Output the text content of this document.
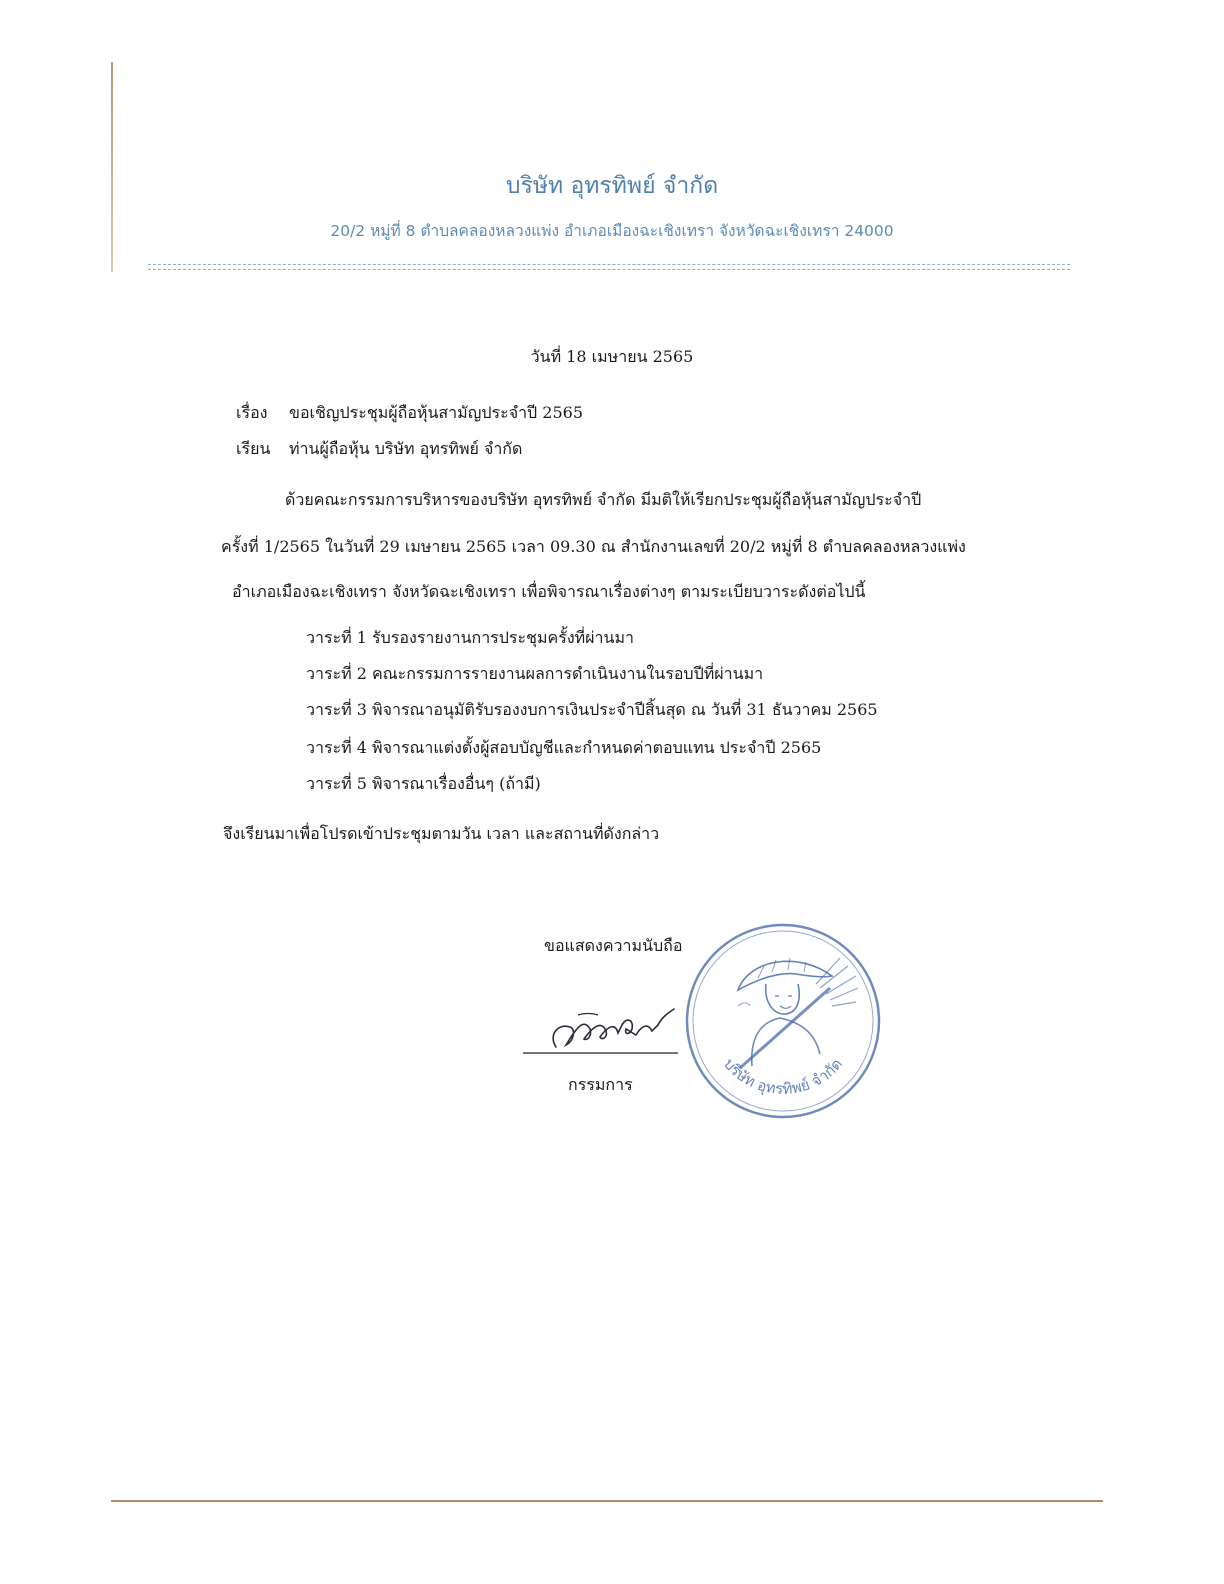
บริษัท อุทรทิพย์ จำกัด
20/2 หมู่ที่ 8 ตำบลคลองหลวงแพ่ง อำเภอเมืองฉะเชิงเทรา จังหวัดฉะเชิงเทรา 24000
วันที่ 18 เมษายน 2565
เรื่อง	ขอเชิญประชุมผู้ถือหุ้นสามัญประจำปี 2565
เรียน	ท่านผู้ถือหุ้น บริษัท อุทรทิพย์ จำกัด
ด้วยคณะกรรมการบริหารของบริษัท อุทรทิพย์ จำกัด มีมติให้เรียกประชุมผู้ถือหุ้นสามัญประจำปี
ครั้งที่ 1/2565 ในวันที่ 29 เมษายน 2565 เวลา 09.30 ณ สำนักงานเลขที่ 20/2 หมู่ที่ 8 ตำบลคลองหลวงแพ่ง
อำเภอเมืองฉะเชิงเทรา จังหวัดฉะเชิงเทรา เพื่อพิจารณาเรื่องต่างๆ ตามระเบียบวาระดังต่อไปนี้
วาระที่ 1 รับรองรายงานการประชุมครั้งที่ผ่านมา
วาระที่ 2 คณะกรรมการรายงานผลการดำเนินงานในรอบปีที่ผ่านมา
วาระที่ 3 พิจารณาอนุมัติรับรองงบการเงินประจำปีสิ้นสุด ณ วันที่ 31 ธันวาคม 2565
วาระที่ 4 พิจารณาแต่งตั้งผู้สอบบัญชีและกำหนดค่าตอบแทน ประจำปี 2565
วาระที่ 5 พิจารณาเรื่องอื่นๆ (ถ้ามี)
จึงเรียนมาเพื่อโปรดเข้าประชุมตามวัน เวลา และสถานที่ดังกล่าว
ขอแสดงความนับถือ
กรรมการ
บริษัท อุทรทิพย์ จำกัด
